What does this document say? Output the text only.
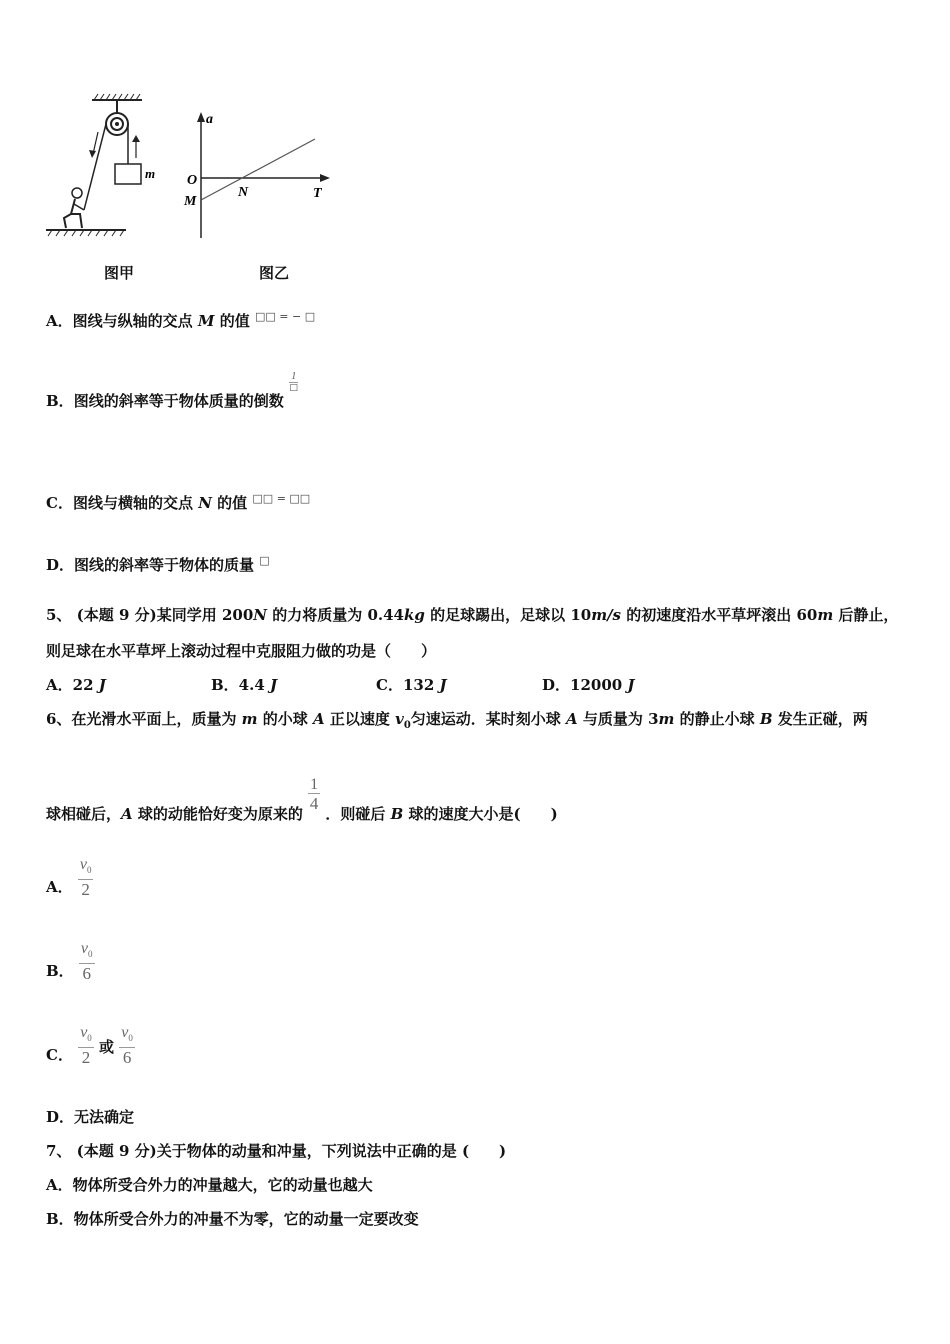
m
图甲
a
T
O
M
N
图乙
A．图线与纵轴的交点 M 的值 □□ = − □
B．图线的斜率等于物体质量的倒数
$\frac{1}{□}$
C．图线与横轴的交点 N 的值 □□ = □□
D．图线的斜率等于物体的质量 □
5、 (本题 9 分)某同学用 200N 的力将质量为 0.44kg 的足球踢出，足球以 10m/s 的初速度沿水平草坪滚出 60m 后静止，
则足球在水平草坪上滚动过程中克服阻力做的功是（　　）
A．22 J	B．4.4 J	C．132 J	D．12000 J
6、在光滑水平面上，质量为 m 的小球 A 正以速度 $v_0$匀速运动．某时刻小球 A 与质量为 3m 的静止小球 B 发生正碰，两
球相碰后，A 球的动能恰好变为原来的 $\frac{1}{4}$ ．则碰后 B 球的速度大小是(　　)
A． $\frac{v_0}{2}$
B． $\frac{v_0}{6}$
C． $\frac{v_0}{2}$ 或 $\frac{v_0}{6}$
D．无法确定
7、 (本题 9 分)关于物体的动量和冲量，下列说法中正确的是 (　　)
A．物体所受合外力的冲量越大，它的动量也越大
B．物体所受合外力的冲量不为零，它的动量一定要改变
